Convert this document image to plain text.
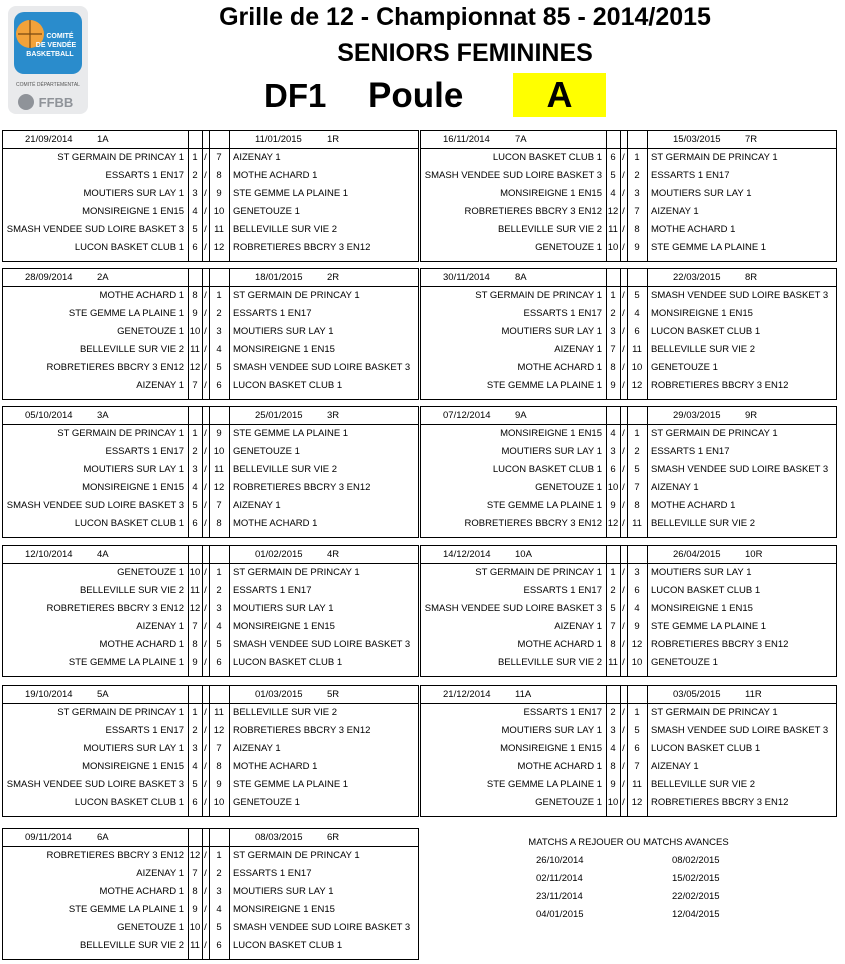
COMITÉ
DE VENDÉE
BASKETBALL
COMITÉ DÉPARTEMENTAL
FFBB
Grille de 12 - Championnat 85 - 2014/2015
SENIORS FEMININES
DF1 Poule	A
21/09/2014	1A	11/01/2015	1R
ST GERMAIN DE PRINCAY 1 1 /	7	AIZENAY 1
ESSARTS 1 EN17 2 /	8	MOTHE ACHARD 1
MOUTIERS SUR LAY 1 3 /	9	STE GEMME LA PLAINE 1
MONSIREIGNE 1 EN15 4 / 10 GENETOUZE 1
SMASH VENDEE SUD LOIRE BASKET 3 5 / 11 BELLEVILLE SUR VIE 2
LUCON BASKET CLUB 1 6 / 12 ROBRETIERES BBCRY 3 EN12
16/11/2014	7A	15/03/2015	7R
LUCON BASKET CLUB 1 6 /	1	ST GERMAIN DE PRINCAY 1
SMASH VENDEE SUD LOIRE BASKET 3 5 /	2	ESSARTS 1 EN17
MONSIREIGNE 1 EN15 4 /	3	MOUTIERS SUR LAY 1
ROBRETIERES BBCRY 3 EN12 12 /	7	AIZENAY 1
BELLEVILLE SUR VIE 2 11 /	8	MOTHE ACHARD 1
GENETOUZE 1 10 /	9	STE GEMME LA PLAINE 1
28/09/2014	2A	18/01/2015	2R
MOTHE ACHARD 1 8 /	1	ST GERMAIN DE PRINCAY 1
STE GEMME LA PLAINE 1 9 /	2	ESSARTS 1 EN17
GENETOUZE 1 10 /	3	MOUTIERS SUR LAY 1
BELLEVILLE SUR VIE 2 11 /	4	MONSIREIGNE 1 EN15
ROBRETIERES BBCRY 3 EN12 12 /	5	SMASH VENDEE SUD LOIRE BASKET 3
AIZENAY 1 7 /	6	LUCON BASKET CLUB 1
30/11/2014	8A	22/03/2015	8R
ST GERMAIN DE PRINCAY 1 1 /	5	SMASH VENDEE SUD LOIRE BASKET 3
ESSARTS 1 EN17 2 /	4	MONSIREIGNE 1 EN15
MOUTIERS SUR LAY 1 3 /	6	LUCON BASKET CLUB 1
AIZENAY 1 7 / 11 BELLEVILLE SUR VIE 2
MOTHE ACHARD 1 8 / 10 GENETOUZE 1
STE GEMME LA PLAINE 1 9 / 12 ROBRETIERES BBCRY 3 EN12
05/10/2014	3A	25/01/2015	3R
ST GERMAIN DE PRINCAY 1 1 /	9	STE GEMME LA PLAINE 1
ESSARTS 1 EN17 2 / 10 GENETOUZE 1
MOUTIERS SUR LAY 1 3 / 11 BELLEVILLE SUR VIE 2
MONSIREIGNE 1 EN15 4 / 12 ROBRETIERES BBCRY 3 EN12
SMASH VENDEE SUD LOIRE BASKET 3 5 /	7	AIZENAY 1
LUCON BASKET CLUB 1 6 /	8	MOTHE ACHARD 1
07/12/2014	9A	29/03/2015	9R
MONSIREIGNE 1 EN15 4 /	1	ST GERMAIN DE PRINCAY 1
MOUTIERS SUR LAY 1 3 /	2	ESSARTS 1 EN17
LUCON BASKET CLUB 1 6 /	5	SMASH VENDEE SUD LOIRE BASKET 3
GENETOUZE 1 10 /	7	AIZENAY 1
STE GEMME LA PLAINE 1 9 /	8	MOTHE ACHARD 1
ROBRETIERES BBCRY 3 EN12 12 / 11 BELLEVILLE SUR VIE 2
12/10/2014	4A	01/02/2015	4R
GENETOUZE 1 10 /	1	ST GERMAIN DE PRINCAY 1
BELLEVILLE SUR VIE 2 11 /	2	ESSARTS 1 EN17
ROBRETIERES BBCRY 3 EN12 12 /	3	MOUTIERS SUR LAY 1
AIZENAY 1 7 /	4	MONSIREIGNE 1 EN15
MOTHE ACHARD 1 8 /	5	SMASH VENDEE SUD LOIRE BASKET 3
STE GEMME LA PLAINE 1 9 /	6	LUCON BASKET CLUB 1
14/12/2014	10A	26/04/2015	10R
ST GERMAIN DE PRINCAY 1 1 /	3	MOUTIERS SUR LAY 1
ESSARTS 1 EN17 2 /	6	LUCON BASKET CLUB 1
SMASH VENDEE SUD LOIRE BASKET 3 5 /	4	MONSIREIGNE 1 EN15
AIZENAY 1 7 /	9	STE GEMME LA PLAINE 1
MOTHE ACHARD 1 8 / 12 ROBRETIERES BBCRY 3 EN12
BELLEVILLE SUR VIE 2 11 / 10 GENETOUZE 1
19/10/2014	5A	01/03/2015	5R
ST GERMAIN DE PRINCAY 1 1 / 11 BELLEVILLE SUR VIE 2
ESSARTS 1 EN17 2 / 12 ROBRETIERES BBCRY 3 EN12
MOUTIERS SUR LAY 1 3 /	7	AIZENAY 1
MONSIREIGNE 1 EN15 4 /	8	MOTHE ACHARD 1
SMASH VENDEE SUD LOIRE BASKET 3 5 /	9	STE GEMME LA PLAINE 1
LUCON BASKET CLUB 1 6 / 10 GENETOUZE 1
21/12/2014	11A	03/05/2015	11R
ESSARTS 1 EN17 2 /	1	ST GERMAIN DE PRINCAY 1
MOUTIERS SUR LAY 1 3 /	5	SMASH VENDEE SUD LOIRE BASKET 3
MONSIREIGNE 1 EN15 4 /	6	LUCON BASKET CLUB 1
MOTHE ACHARD 1 8 /	7	AIZENAY 1
STE GEMME LA PLAINE 1 9 / 11 BELLEVILLE SUR VIE 2
GENETOUZE 1 10 / 12 ROBRETIERES BBCRY 3 EN12
09/11/2014	6A	08/03/2015	6R
ROBRETIERES BBCRY 3 EN12 12 /	1	ST GERMAIN DE PRINCAY 1
AIZENAY 1 7 /	2	ESSARTS 1 EN17
MOTHE ACHARD 1 8 /	3	MOUTIERS SUR LAY 1
STE GEMME LA PLAINE 1 9 /	4	MONSIREIGNE 1 EN15
GENETOUZE 1 10 /	5	SMASH VENDEE SUD LOIRE BASKET 3
BELLEVILLE SUR VIE 2 11 /	6	LUCON BASKET CLUB 1
MATCHS A REJOUER OU MATCHS AVANCES
26/10/2014	08/02/2015
02/11/2014	15/02/2015
23/11/2014	22/02/2015
04/01/2015	12/04/2015
